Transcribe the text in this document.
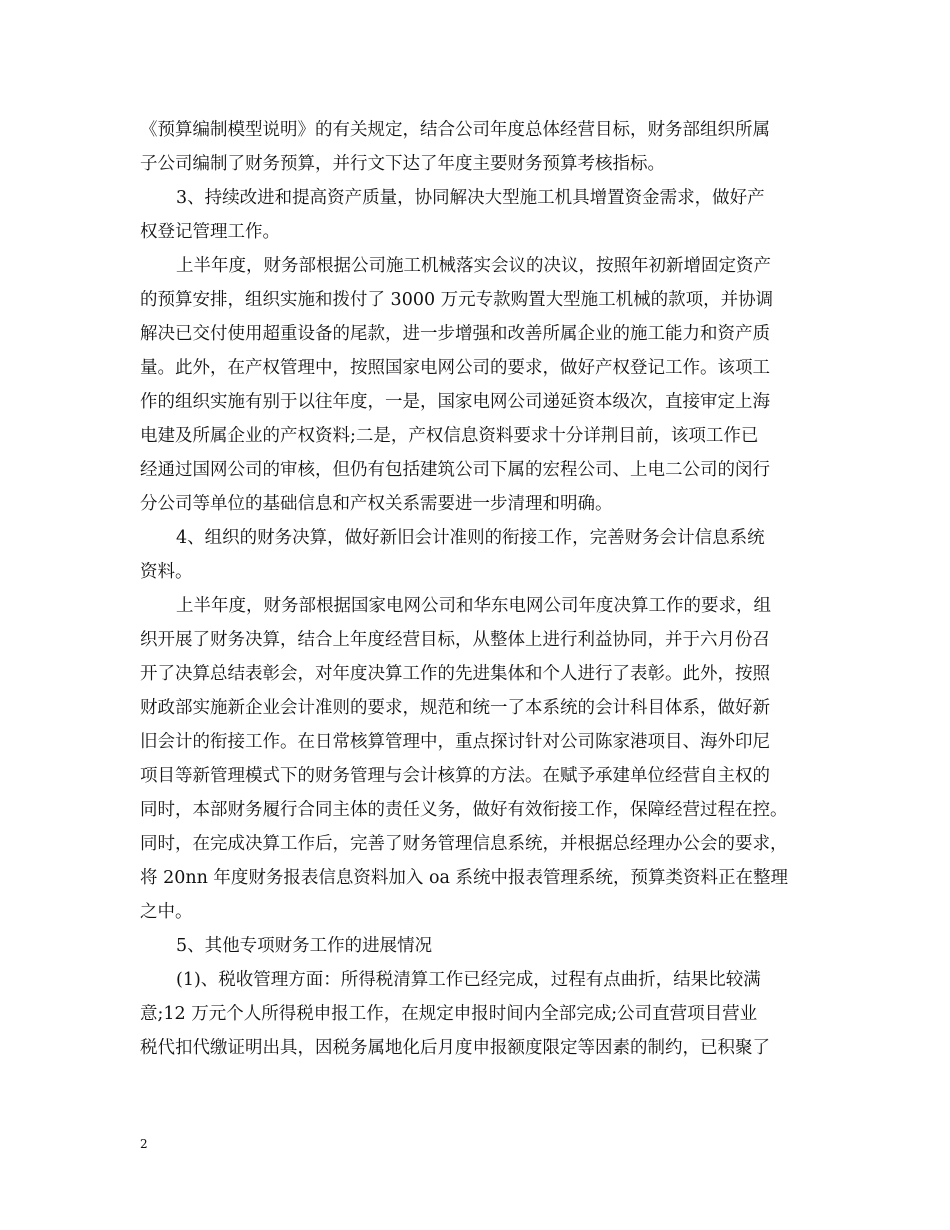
《预算编制模型说明》的有关规定，结合公司年度总体经营目标，财务部组织所属
子公司编制了财务预算，并行文下达了年度主要财务预算考核指标。
3、持续改进和提高资产质量，协同解决大型施工机具增置资金需求，做好产
权登记管理工作。
上半年度，财务部根据公司施工机械落实会议的决议，按照年初新增固定资产
的预算安排，组织实施和拨付了 3000 万元专款购置大型施工机械的款项，并协调
解决已交付使用超重设备的尾款，进一步增强和改善所属企业的施工能力和资产质
量。此外，在产权管理中，按照国家电网公司的要求，做好产权登记工作。该项工
作的组织实施有别于以往年度，一是，国家电网公司递延资本级次，直接审定上海
电建及所属企业的产权资料;二是，产权信息资料要求十分详荆目前，该项工作已
经通过国网公司的审核，但仍有包括建筑公司下属的宏程公司、上电二公司的闵行
分公司等单位的基础信息和产权关系需要进一步清理和明确。
4、组织的财务决算，做好新旧会计准则的衔接工作，完善财务会计信息系统
资料。
上半年度，财务部根据国家电网公司和华东电网公司年度决算工作的要求，组
织开展了财务决算，结合上年度经营目标，从整体上进行利益协同，并于六月份召
开了决算总结表彰会，对年度决算工作的先进集体和个人进行了表彰。此外，按照
财政部实施新企业会计准则的要求，规范和统一了本系统的会计科目体系，做好新
旧会计的衔接工作。在日常核算管理中，重点探讨针对公司陈家港项目、海外印尼
项目等新管理模式下的财务管理与会计核算的方法。在赋予承建单位经营自主权的
同时，本部财务履行合同主体的责任义务，做好有效衔接工作，保障经营过程在控。
同时，在完成决算工作后，完善了财务管理信息系统，并根据总经理办公会的要求，
将 20nn 年度财务报表信息资料加入 oa 系统中报表管理系统，预算类资料正在整理
之中。
5、其他专项财务工作的进展情况
(1)、税收管理方面：所得税清算工作已经完成，过程有点曲折，结果比较满
意;12 万元个人所得税申报工作，在规定申报时间内全部完成;公司直营项目营业
税代扣代缴证明出具，因税务属地化后月度申报额度限定等因素的制约，已积聚了
2
